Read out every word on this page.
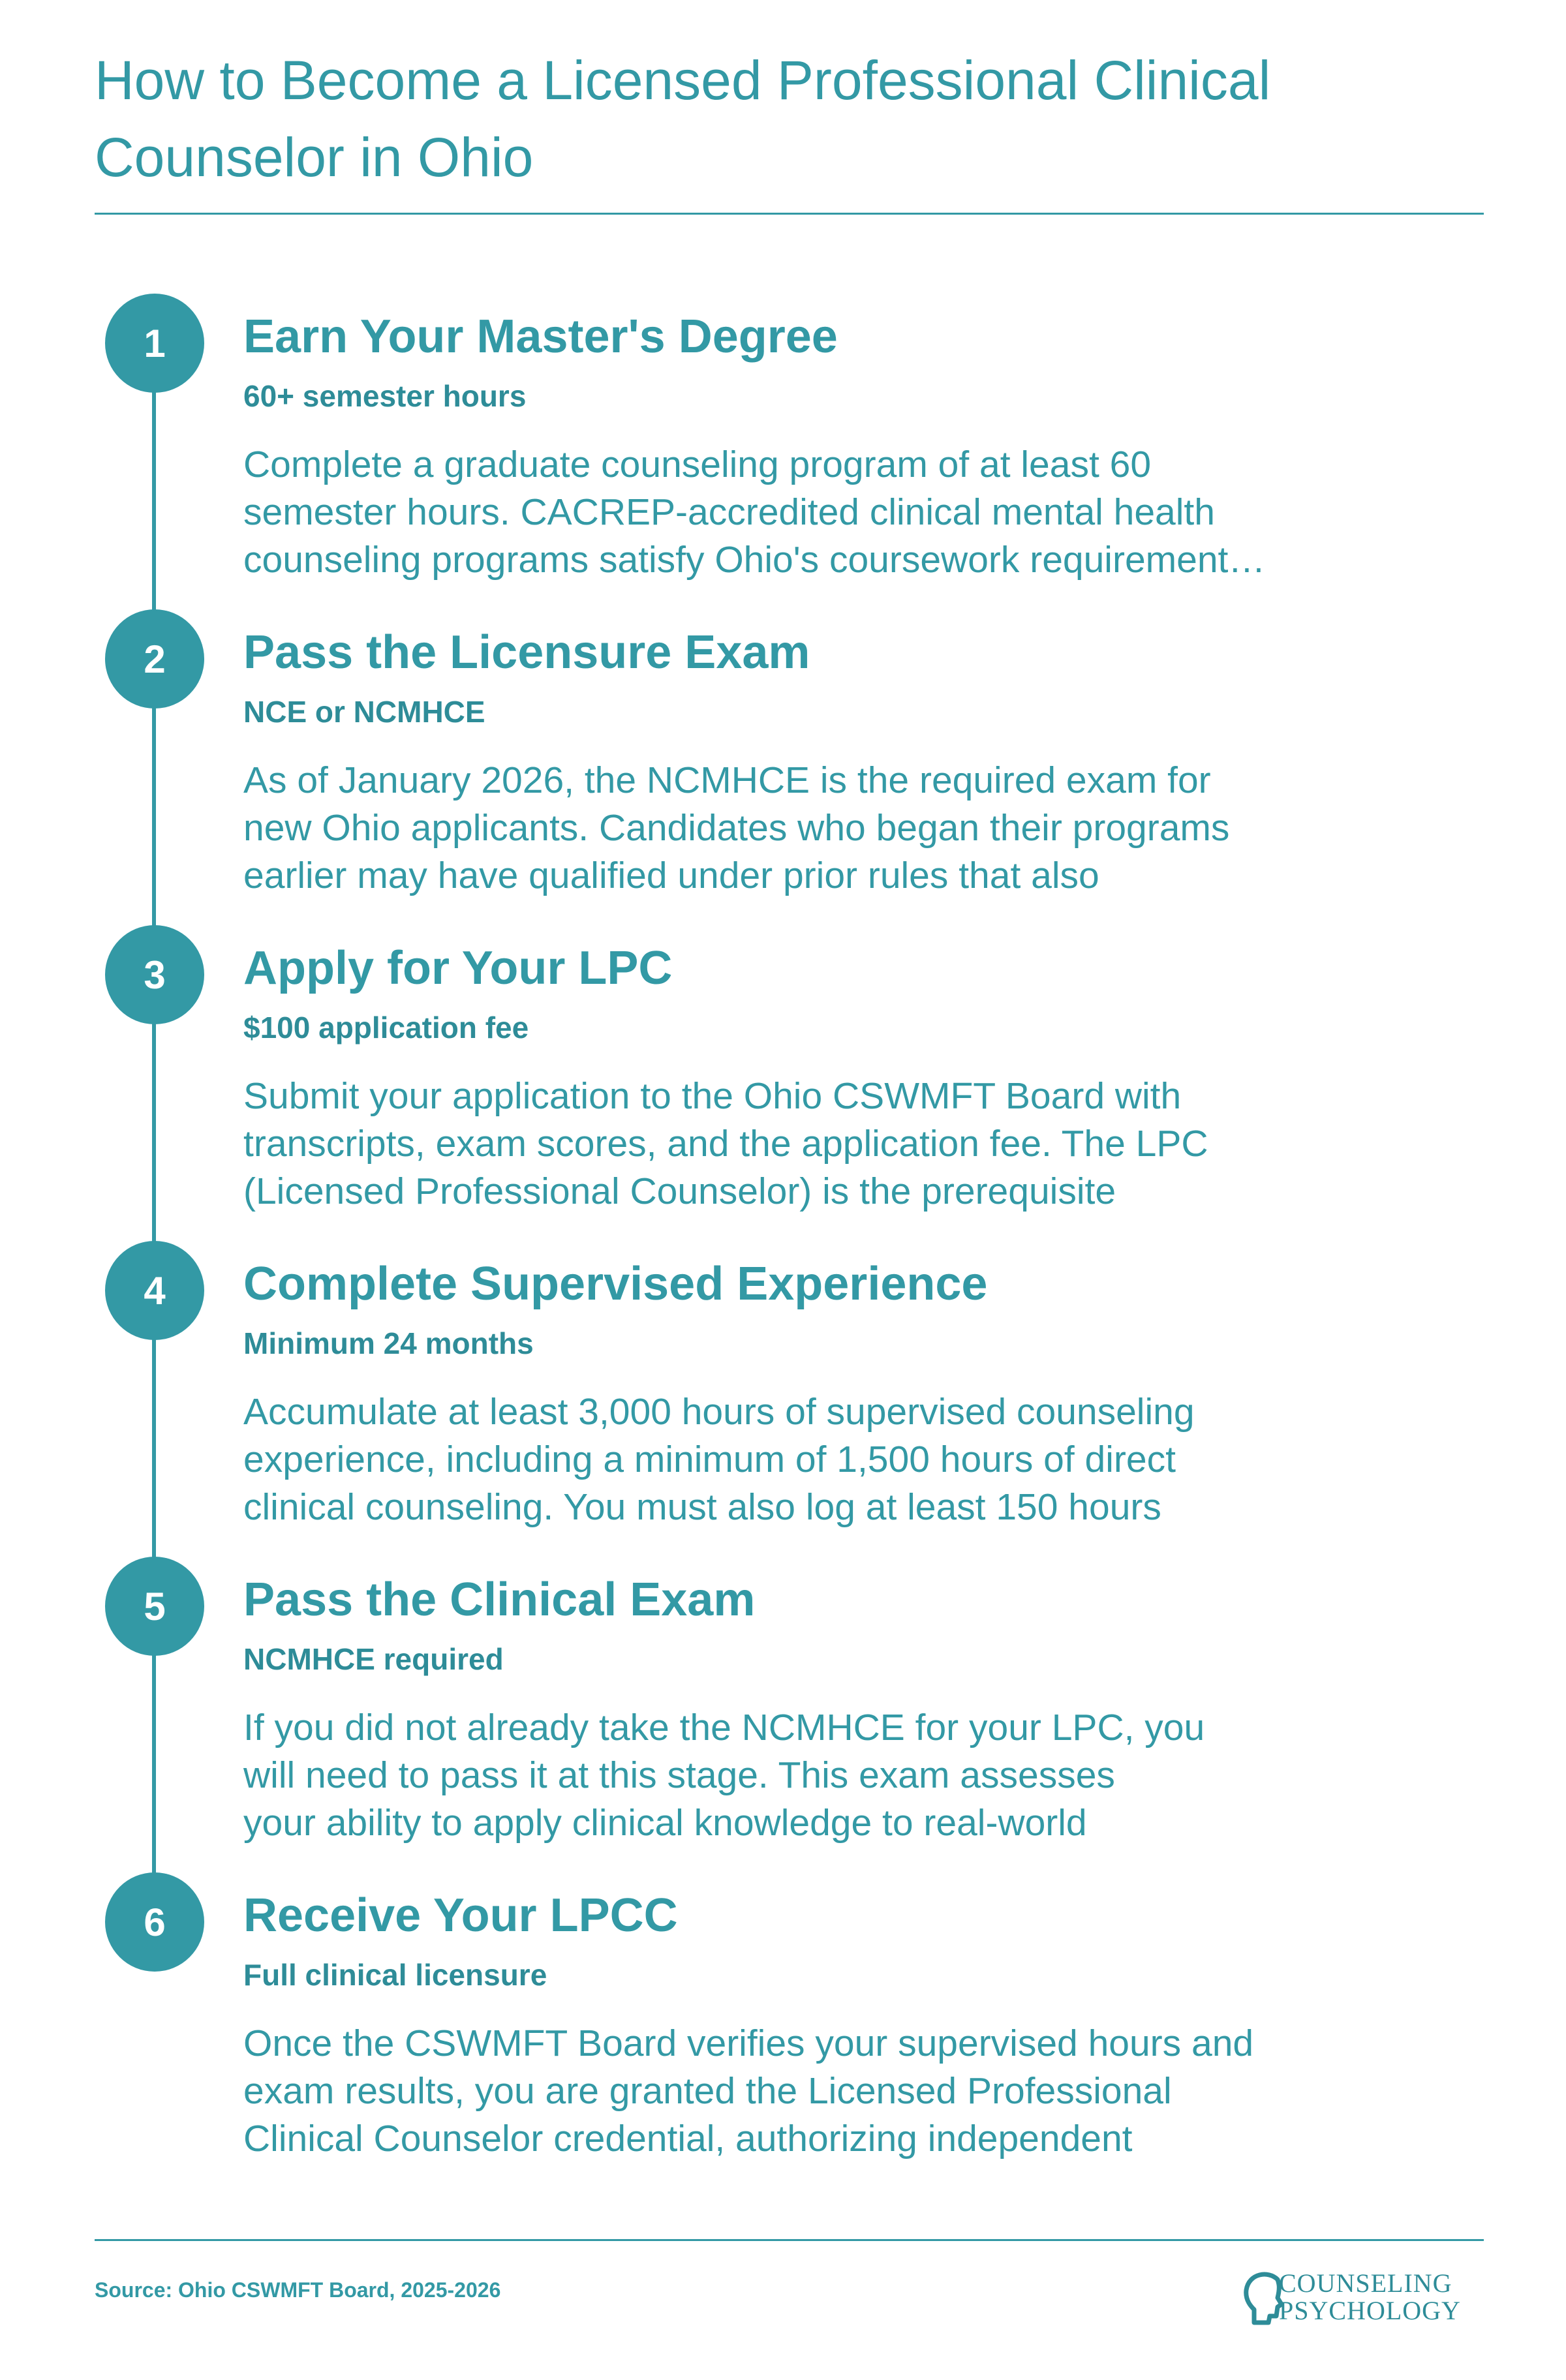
How to Become a Licensed Professional Clinical Counselor in Ohio
1	Earn Your Master's Degree
60+ semester hours
Complete a graduate counseling program of at least 60
semester hours. CACREP-accredited clinical mental health
counseling programs satisfy Ohio's coursework requirement…
2	Pass the Licensure Exam
NCE or NCMHCE
As of January 2026, the NCMHCE is the required exam for
new Ohio applicants. Candidates who began their programs
earlier may have qualified under prior rules that also
3	Apply for Your LPC
$100 application fee
Submit your application to the Ohio CSWMFT Board with
transcripts, exam scores, and the application fee. The LPC
(Licensed Professional Counselor) is the prerequisite
4	Complete Supervised Experience
Minimum 24 months
Accumulate at least 3,000 hours of supervised counseling
experience, including a minimum of 1,500 hours of direct
clinical counseling. You must also log at least 150 hours
5	Pass the Clinical Exam
NCMHCE required
If you did not already take the NCMHCE for your LPC, you
will need to pass it at this stage. This exam assesses
your ability to apply clinical knowledge to real-world
6	Receive Your LPCC
Full clinical licensure
Once the CSWMFT Board verifies your supervised hours and
exam results, you are granted the Licensed Professional
Clinical Counselor credential, authorizing independent
Source: Ohio CSWMFT Board, 2025-2026	COUNSELING
PSYCHOLOGY
